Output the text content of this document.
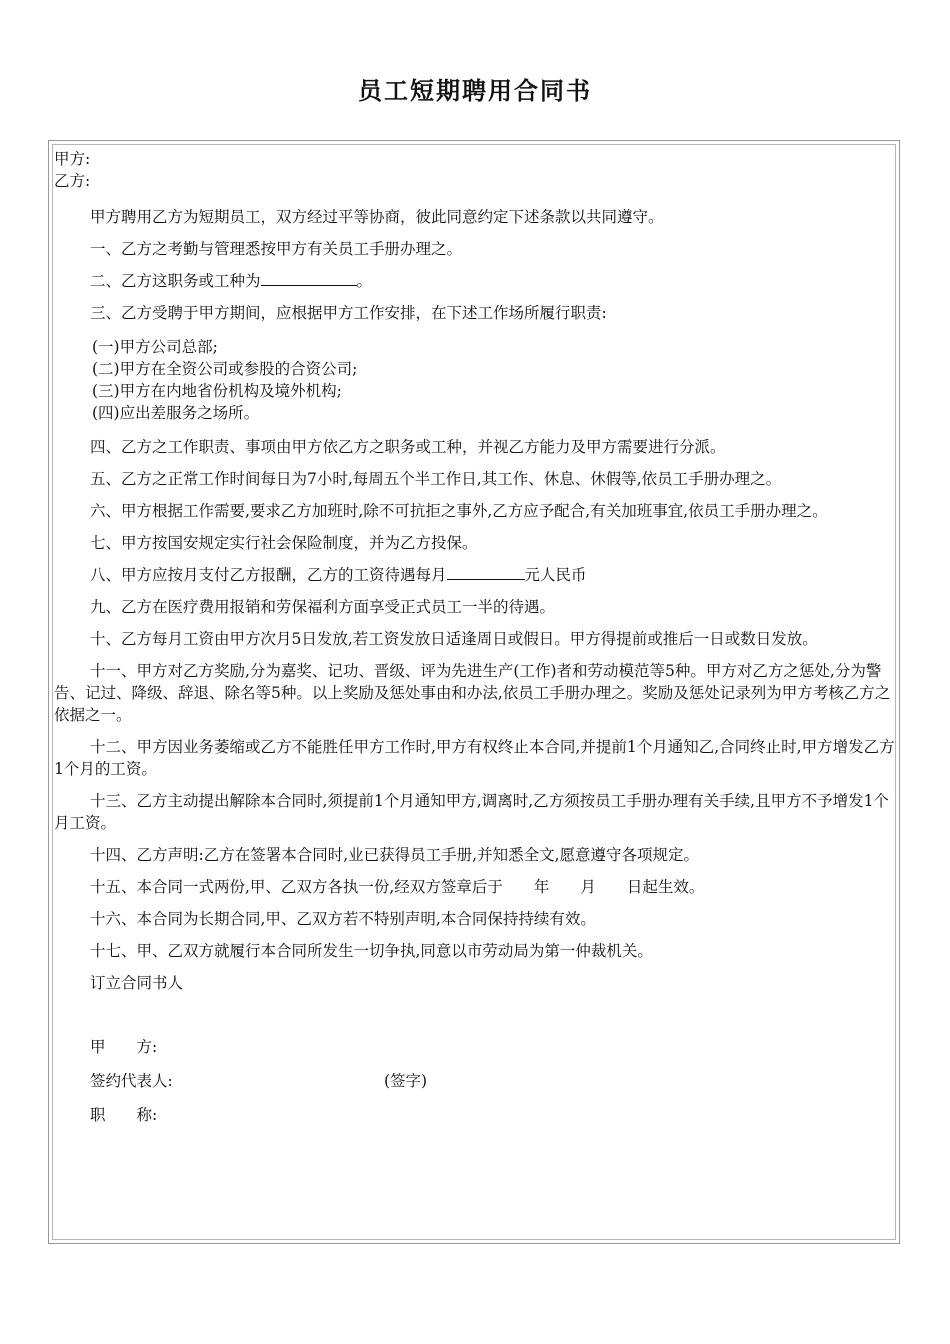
员工短期聘用合同书
甲方:
乙方:

甲方聘用乙方为短期员工，双方经过平等协商，彼此同意约定下述条款以共同遵守。

一、乙方之考勤与管理悉按甲方有关员工手册办理之。

二、乙方这职务或工种为	。

三、乙方受聘于甲方期间，应根据甲方工作安排，在下述工作场所履行职责:

(一)甲方公司总部;

(二)甲方在全资公司或参股的合资公司;

(三)甲方在内地省份机构及境外机构;

(四)应出差服务之场所。

四、乙方之工作职责、事项由甲方依乙方之职务或工种，并视乙方能力及甲方需要进行分派。

五、乙方之正常工作时间每日为7小时,每周五个半工作日,其工作、休息、休假等,依员工手册办理之。

六、甲方根据工作需要,要求乙方加班时,除不可抗拒之事外,乙方应予配合,有关加班事宜,依员工手册办理之。

七、甲方按国安规定实行社会保险制度，并为乙方投保。

八、甲方应按月支付乙方报酬，乙方的工资待遇每月	元人民币

九、乙方在医疗费用报销和劳保福利方面享受正式员工一半的待遇。

十、乙方每月工资由甲方次月5日发放,若工资发放日适逢周日或假日。甲方得提前或推后一日或数日发放。

十一、甲方对乙方奖励,分为嘉奖、记功、晋级、评为先进生产(工作)者和劳动模范等5种。甲方对乙方之惩处,分为警告、记过、降级、辞退、除名等5种。以上奖励及惩处事由和办法,依员工手册办理之。奖励及惩处记录列为甲方考核乙方之依据之一。

十二、甲方因业务萎缩或乙方不能胜任甲方工作时,甲方有权终止本合同,并提前1个月通知乙,合同终止时,甲方增发乙方1个月的工资。

十三、乙方主动提出解除本合同时,须提前1个月通知甲方,调离时,乙方须按员工手册办理有关手续,且甲方不予增发1个月工资。

十四、乙方声明:乙方在签署本合同时,业已获得员工手册,并知悉全文,愿意遵守各项规定。

十五、本合同一式两份,甲、乙双方各执一份,经双方签章后于　　年　　月　　日起生效。

十六、本合同为长期合同,甲、乙双方若不特别声明,本合同保持持续有效。

十七、甲、乙双方就履行本合同所发生一切争执,同意以市劳动局为第一仲裁机关。

订立合同书人

甲　　方:
签约代表人:	(签字)
职　　称:
